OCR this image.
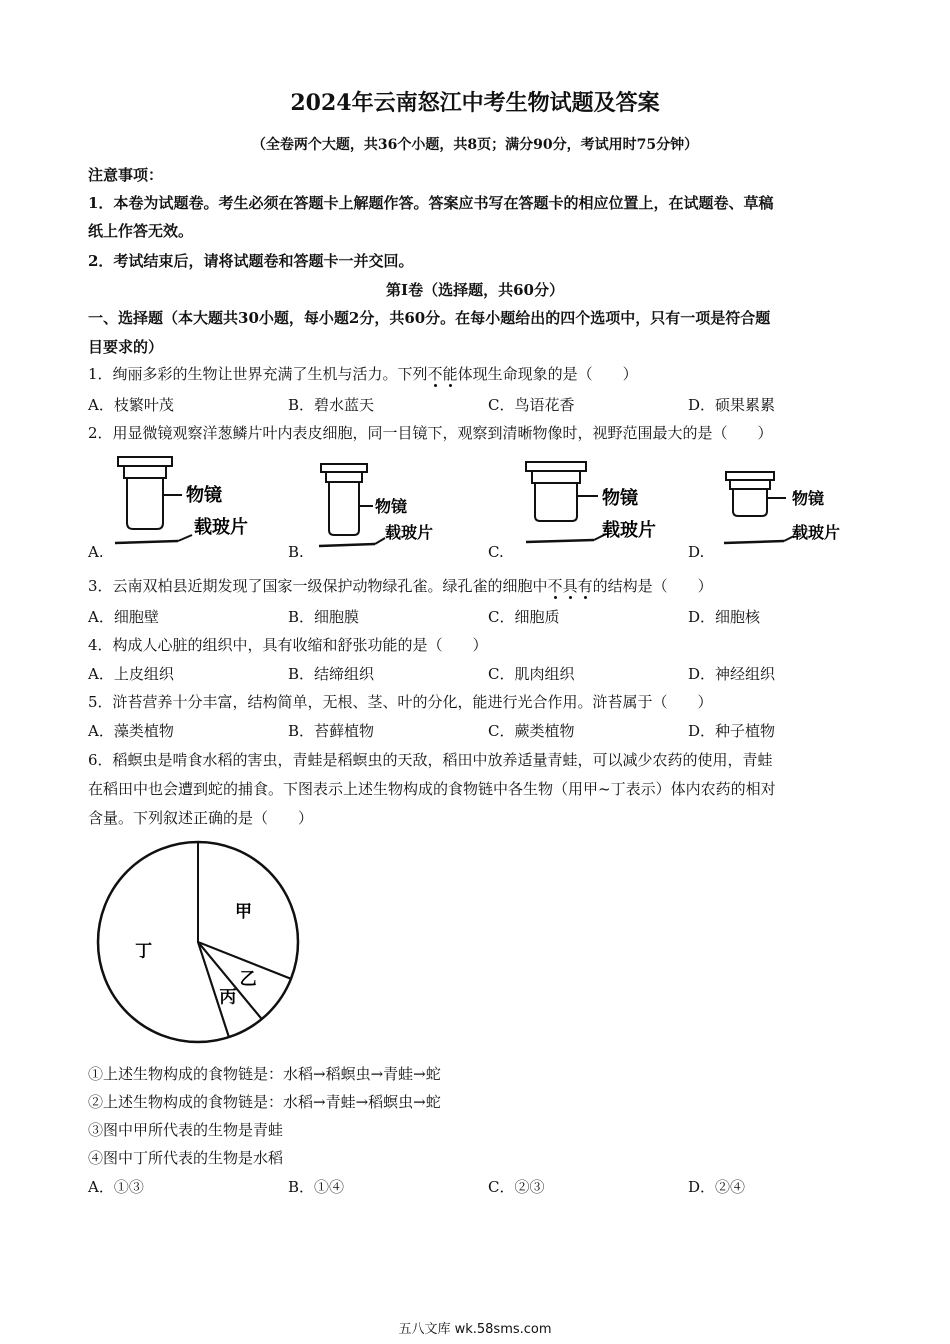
2024年云南怒江中考生物试题及答案
（全卷两个大题，共36个小题，共8页；满分90分，考试用时75分钟）
注意事项：
1．本卷为试题卷。考生必须在答题卡上解题作答。答案应书写在答题卡的相应位置上，在试题卷、草稿
纸上作答无效。
2．考试结束后，请将试题卷和答题卡一并交回。
第Ⅰ卷（选择题，共60分）
一、选择题（本大题共30小题，每小题2分，共60分。在每小题给出的四个选项中，只有一项是符合题
目要求的）
1．绚丽多彩的生物让世界充满了生机与活力。下列不能体现生命现象的是（　　）
A．枝繁叶茂	B．碧水蓝天	C．鸟语花香	D．硕果累累
2．用显微镜观察洋葱鳞片叶内表皮细胞，同一目镜下，观察到清晰物像时，视野范围最大的是（　　）
物镜
载玻片
A.
物镜
载玻片
B.
物镜
载玻片
C.
物镜
载玻片
D.
3．云南双柏县近期发现了国家一级保护动物绿孔雀。绿孔雀的细胞中不具有的结构是（　　）
A．细胞壁	B．细胞膜	C．细胞质	D．细胞核
4．构成人心脏的组织中，具有收缩和舒张功能的是（　　）
A．上皮组织	B．结缔组织	C．肌肉组织	D．神经组织
5．浒苔营养十分丰富，结构简单，无根、茎、叶的分化，能进行光合作用。浒苔属于（　　）
A．藻类植物	B．苔藓植物	C．蕨类植物	D．种子植物
6．稻螟虫是啃食水稻的害虫，青蛙是稻螟虫的天敌，稻田中放养适量青蛙，可以减少农药的使用，青蛙
在稻田中也会遭到蛇的捕食。下图表示上述生物构成的食物链中各生物（用甲~丁表示）体内农药的相对
含量。下列叙述正确的是（　　）
甲
乙
丙
丁
①上述生物构成的食物链是：水稻→稻螟虫→青蛙→蛇
②上述生物构成的食物链是：水稻→青蛙→稻螟虫→蛇
③图中甲所代表的生物是青蛙
④图中丁所代表的生物是水稻
A．①③	B．①④	C．②③	D．②④
五八文库 wk.58sms.com
